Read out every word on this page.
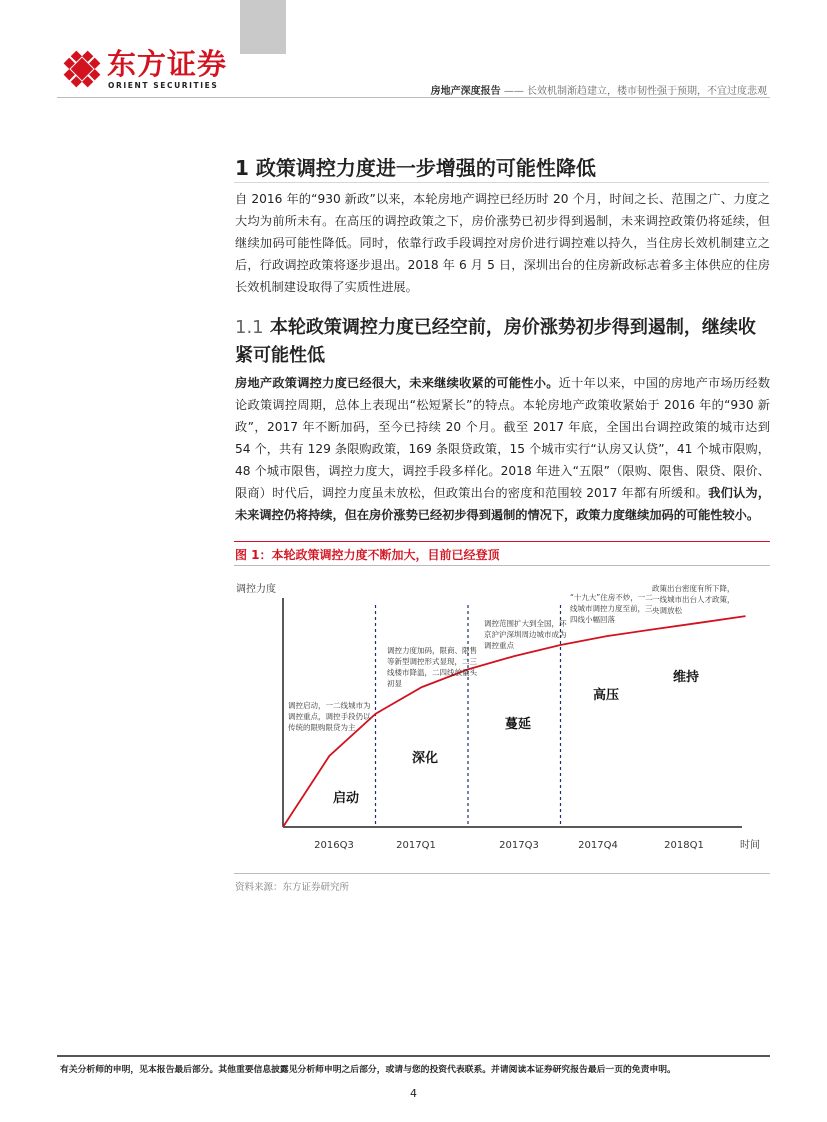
东方证券
ORIENT SECURITIES
房地产深度报告 —— 长效机制渐趋建立，楼市韧性强于预期，不宜过度悲观
1 政策调控力度进一步增强的可能性降低
自 2016 年的“930 新政”以来，本轮房地产调控已经历时 20 个月，时间之长、范围之广、力度之大均为前所未有。在高压的调控政策之下，房价涨势已初步得到遏制，未来调控政策仍将延续，但继续加码可能性降低。同时，依靠行政手段调控对房价进行调控难以持久，当住房长效机制建立之后，行政调控政策将逐步退出。2018 年 6 月 5 日，深圳出台的住房新政标志着多主体供应的住房长效机制建设取得了实质性进展。
1.1 本轮政策调控力度已经空前，房价涨势初步得到遏制，继续收紧可能性低
房地产政策调控力度已经很大，未来继续收紧的可能性小。近十年以来，中国的房地产市场历经数论政策调控周期，总体上表现出“松短紧长”的特点。本轮房地产政策收紧始于 2016 年的“930 新政”，2017 年不断加码，至今已持续 20 个月。截至 2017 年底，全国出台调控政策的城市达到 54 个，共有 129 条限购政策，169 条限贷政策，15 个城市实行“认房又认贷”，41 个城市限购，48 个城市限售，调控力度大，调控手段多样化。2018 年进入“五限”（限购、限售、限贷、限价、限商）时代后，调控力度虽未放松，但政策出台的密度和范围较 2017 年都有所缓和。我们认为，未来调控仍将持续，但在房价涨势已经初步得到遏制的情况下，政策力度继续加码的可能性较小。
图 1：本轮政策调控力度不断加大，目前已经登顶
调控力度
时间
2016Q3	2017Q1	2017Q3	2017Q4	2018Q1
启动
调控启动，一二线城市为调控重点，调控手段仍以传统的限购限贷为主
深化
调控力度加码，限商、限售等新型调控形式显现，二三线楼市降温，二四线放量头初显
蔓延
调控范围扩大到全国，环京沪沪深圳周边城市成为调控重点
高压
“十九大”住房不炒，一二线城市调控力度至前，三四线小幅回落
维持
政策出台密度有所下降，一线城市出台人才政策，央调放松
资料来源：东方证券研究所
有关分析师的申明，见本报告最后部分。其他重要信息披露见分析师申明之后部分，或请与您的投资代表联系。并请阅读本证券研究报告最后一页的免责申明。
4
